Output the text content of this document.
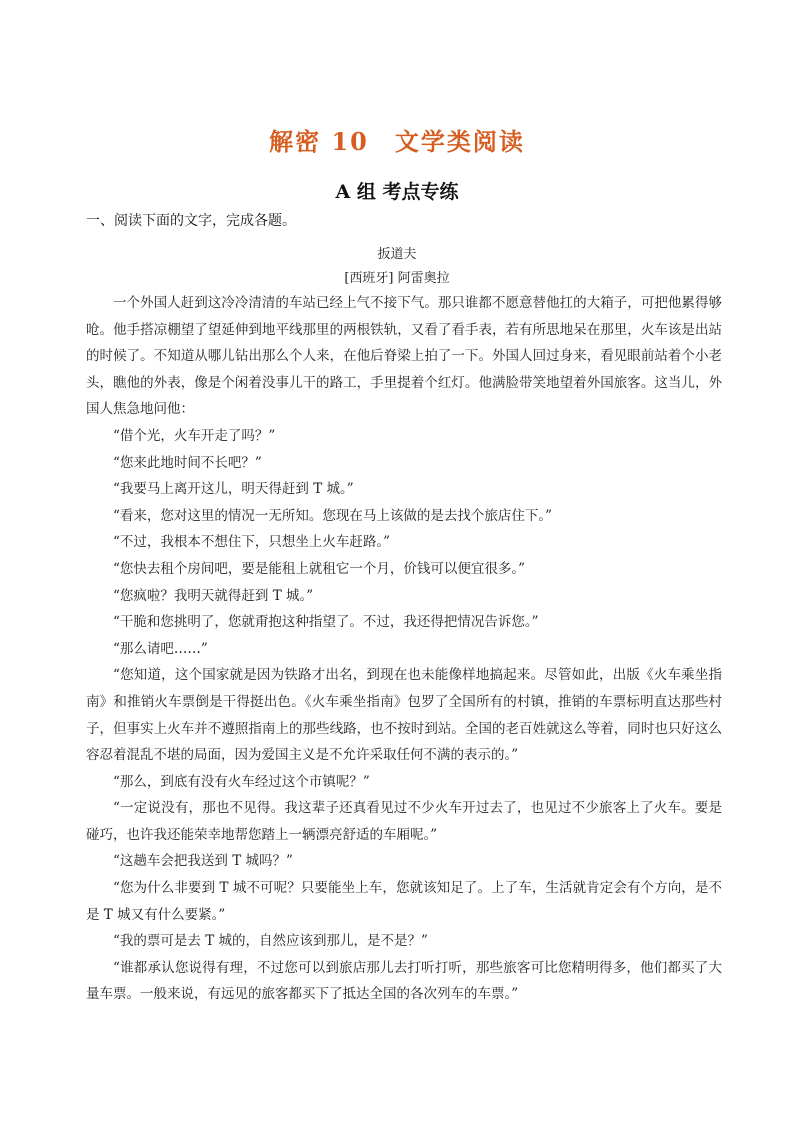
解密 10　文学类阅读
A 组 考点专练
一、阅读下面的文字，完成各题。
扳道夫
[西班牙] 阿雷奥拉

一个外国人赶到这冷冷清清的车站已经上气不接下气。那只谁都不愿意替他扛的大箱子，可把他累得够呛。他手搭凉棚望了望延伸到地平线那里的两根铁轨，又看了看手表，若有所思地呆在那里，火车该是出站的时候了。不知道从哪儿钻出那么个人来，在他后脊梁上拍了一下。外国人回过身来，看见眼前站着个小老头，瞧他的外表，像是个闲着没事儿干的路工，手里提着个红灯。他满脸带笑地望着外国旅客。这当儿，外国人焦急地问他：

“借个光，火车开走了吗？”

“您来此地时间不长吧？”

“我要马上离开这儿，明天得赶到 T 城。”

“看来，您对这里的情况一无所知。您现在马上该做的是去找个旅店住下。”

“不过，我根本不想住下，只想坐上火车赶路。”

“您快去租个房间吧，要是能租上就租它一个月，价钱可以便宜很多。”

“您疯啦？我明天就得赶到 T 城。”

“干脆和您挑明了，您就甭抱这种指望了。不过，我还得把情况告诉您。”

“那么请吧……”

“您知道，这个国家就是因为铁路才出名，到现在也未能像样地搞起来。尽管如此，出版《火车乘坐指南》和推销火车票倒是干得挺出色。《火车乘坐指南》包罗了全国所有的村镇，推销的车票标明直达那些村子，但事实上火车并不遵照指南上的那些线路，也不按时到站。全国的老百姓就这么等着，同时也只好这么容忍着混乱不堪的局面，因为爱国主义是不允许采取任何不满的表示的。”

“那么，到底有没有火车经过这个市镇呢？”

“一定说没有，那也不见得。我这辈子还真看见过不少火车开过去了，也见过不少旅客上了火车。要是碰巧，也许我还能荣幸地帮您踏上一辆漂亮舒适的车厢呢。”

“这趟车会把我送到 T 城吗？”

“您为什么非要到 T 城不可呢？只要能坐上车，您就该知足了。上了车，生活就肯定会有个方向，是不是 T 城又有什么要紧。”

“我的票可是去 T 城的，自然应该到那儿，是不是？”

“谁都承认您说得有理，不过您可以到旅店那儿去打听打听，那些旅客可比您精明得多，他们都买了大量车票。一般来说，有远见的旅客都买下了抵达全国的各次列车的车票。”
